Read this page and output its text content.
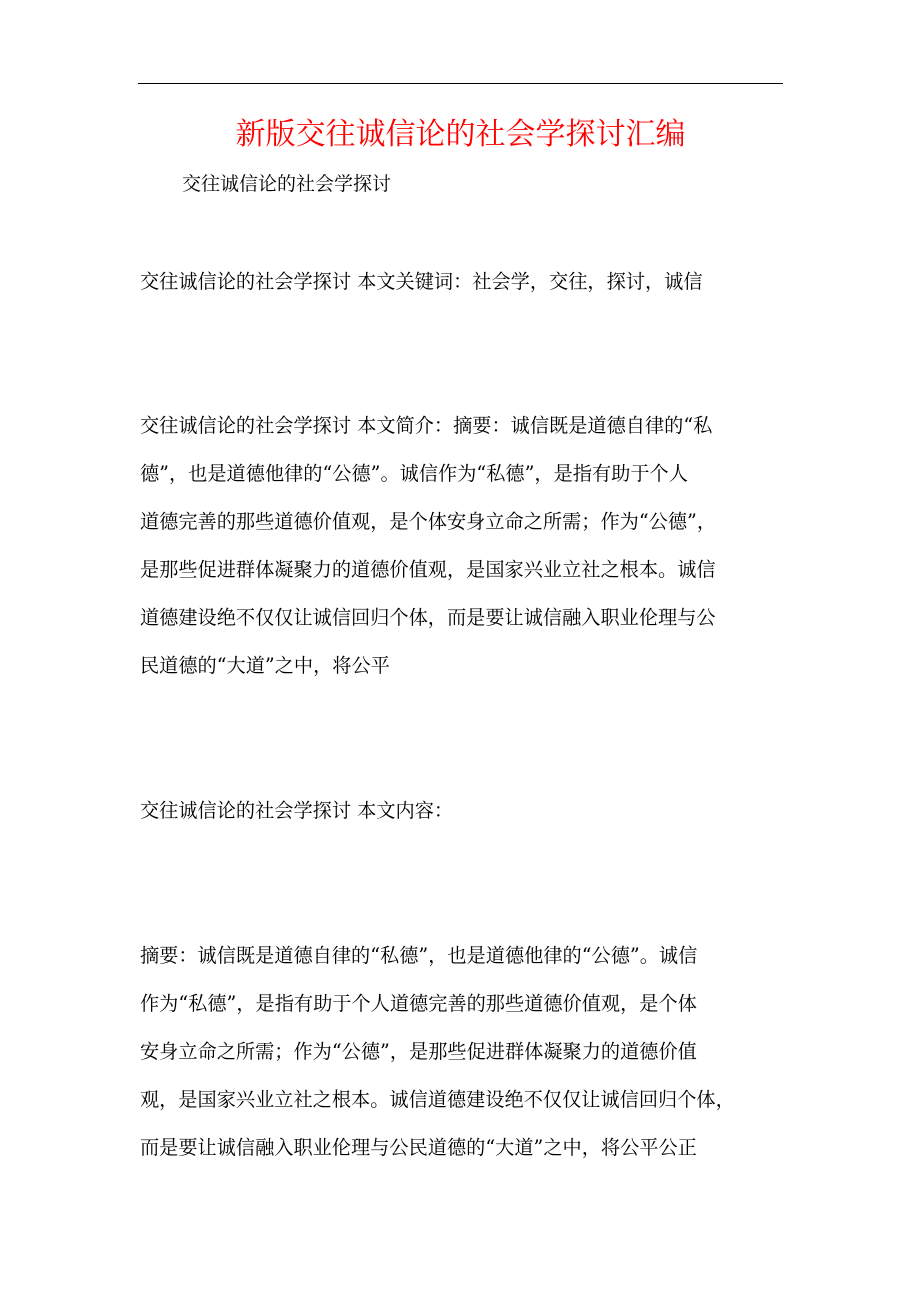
新版交往诚信论的社会学探讨汇编
交往诚信论的社会学探讨
交往诚信论的社会学探讨 本文关键词：社会学，交往，探讨，诚信
交往诚信论的社会学探讨 本文简介：摘要：诚信既是道德自律的“私
德”，也是道德他律的“公德”。诚信作为“私德”，是指有助于个人
道德完善的那些道德价值观，是个体安身立命之所需；作为“公德”，
是那些促进群体凝聚力的道德价值观，是国家兴业立社之根本。诚信
道德建设绝不仅仅让诚信回归个体，而是要让诚信融入职业伦理与公
民道德的“大道”之中，将公平
交往诚信论的社会学探讨 本文内容：
摘要：诚信既是道德自律的“私德”，也是道德他律的“公德”。诚信
作为“私德”，是指有助于个人道德完善的那些道德价值观，是个体
安身立命之所需；作为“公德”，是那些促进群体凝聚力的道德价值
观，是国家兴业立社之根本。诚信道德建设绝不仅仅让诚信回归个体，
而是要让诚信融入职业伦理与公民道德的“大道”之中，将公平公正
